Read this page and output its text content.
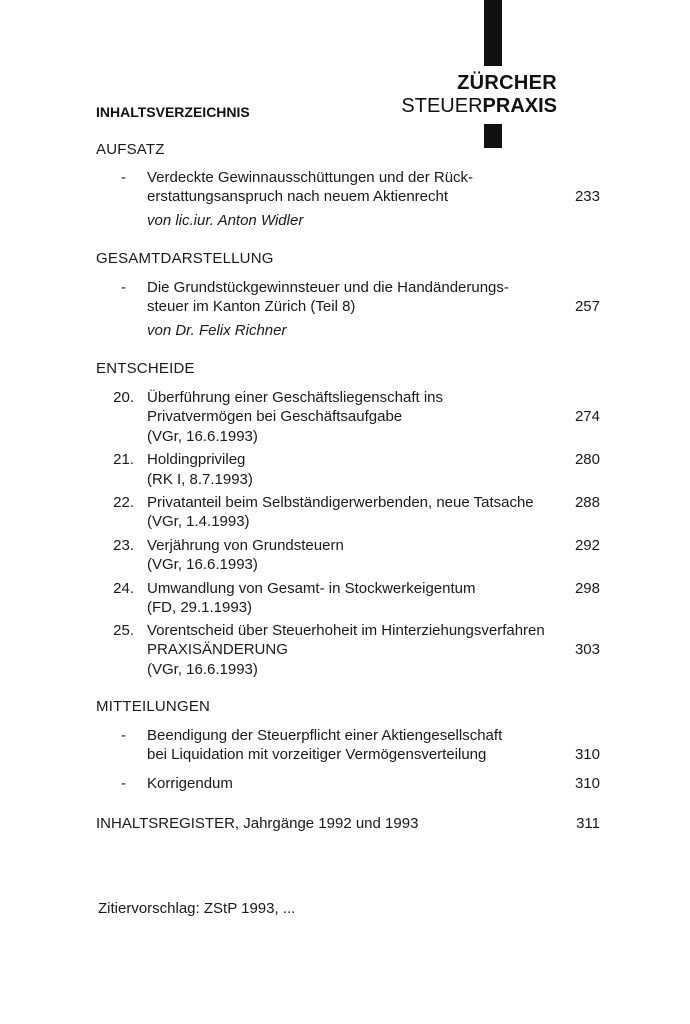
ZÜRCHER
STEUERPRAXIS
INHALTSVERZEICHNIS
AUFSATZ
- Verdeckte Gewinnausschüttungen und der Rück-
erstattungsanspruch nach neuem Aktienrecht	233
von lic.iur. Anton Widler
GESAMTDARSTELLUNG
- Die Grundstückgewinnsteuer und die Handänderungs-
steuer im Kanton Zürich (Teil 8)	257
von Dr. Felix Richner
ENTSCHEIDE
20. Überführung einer Geschäftsliegenschaft ins
Privatvermögen bei Geschäftsaufgabe	274
(VGr, 16.6.1993)
21. Holdingprivileg	280
(RK I, 8.7.1993)
22. Privatanteil beim Selbständigerwerbenden, neue Tatsache	288
(VGr, 1.4.1993)
23. Verjährung von Grundsteuern	292
(VGr, 16.6.1993)
24. Umwandlung von Gesamt- in Stockwerkeigentum	298
(FD, 29.1.1993)
25. Vorentscheid über Steuerhoheit im Hinterziehungsverfahren
PRAXISÄNDERUNG	303
(VGr, 16.6.1993)
MITTEILUNGEN
- Beendigung der Steuerpflicht einer Aktiengesellschaft
bei Liquidation mit vorzeitiger Vermögensverteilung	310
- Korrigendum	310
INHALTSREGISTER, Jahrgänge 1992 und 1993	311
Zitiervorschlag: ZStP 1993, ...
